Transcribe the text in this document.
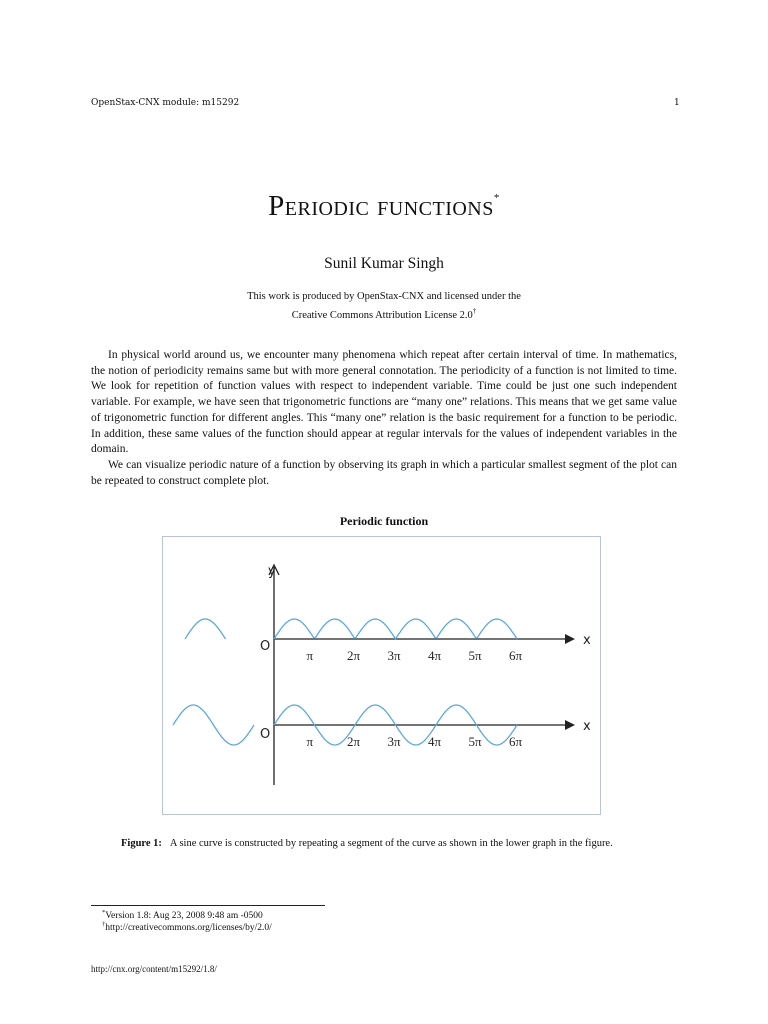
OpenStax-CNX module: m15292	1
Periodic functions*
Sunil Kumar Singh
This work is produced by OpenStax-CNX and licensed under the
Creative Commons Attribution License 2.0†

In physical world around us, we encounter many phenomena which repeat after certain interval of time. In mathematics, the notion of periodicity remains same but with more general connotation. The periodicity of a function is not limited to time. We look for repetition of function values with respect to independent variable. Time could be just one such independent variable. For example, we have seen that trigonometric functions are “many one” relations. This means that we get same value of trigonometric function for different angles. This “many one” relation is the basic requirement for a function to be periodic. In addition, these same values of the function should appear at regular intervals for the values of independent variables in the domain.

We can visualize periodic nature of a function by observing its graph in which a particular smallest segment of the plot can be repeated to construct complete plot.

Periodic function
y
x
O
x
O
π	2π 3π 4π 5π 6π
π	2π 3π 4π 5π 6π
Figure 1: A sine curve is constructed by repeating a segment of the curve as shown in the lower graph in the figure.
*Version 1.8: Aug 23, 2008 9:48 am -0500
†http://creativecommons.org/licenses/by/2.0/
http://cnx.org/content/m15292/1.8/
